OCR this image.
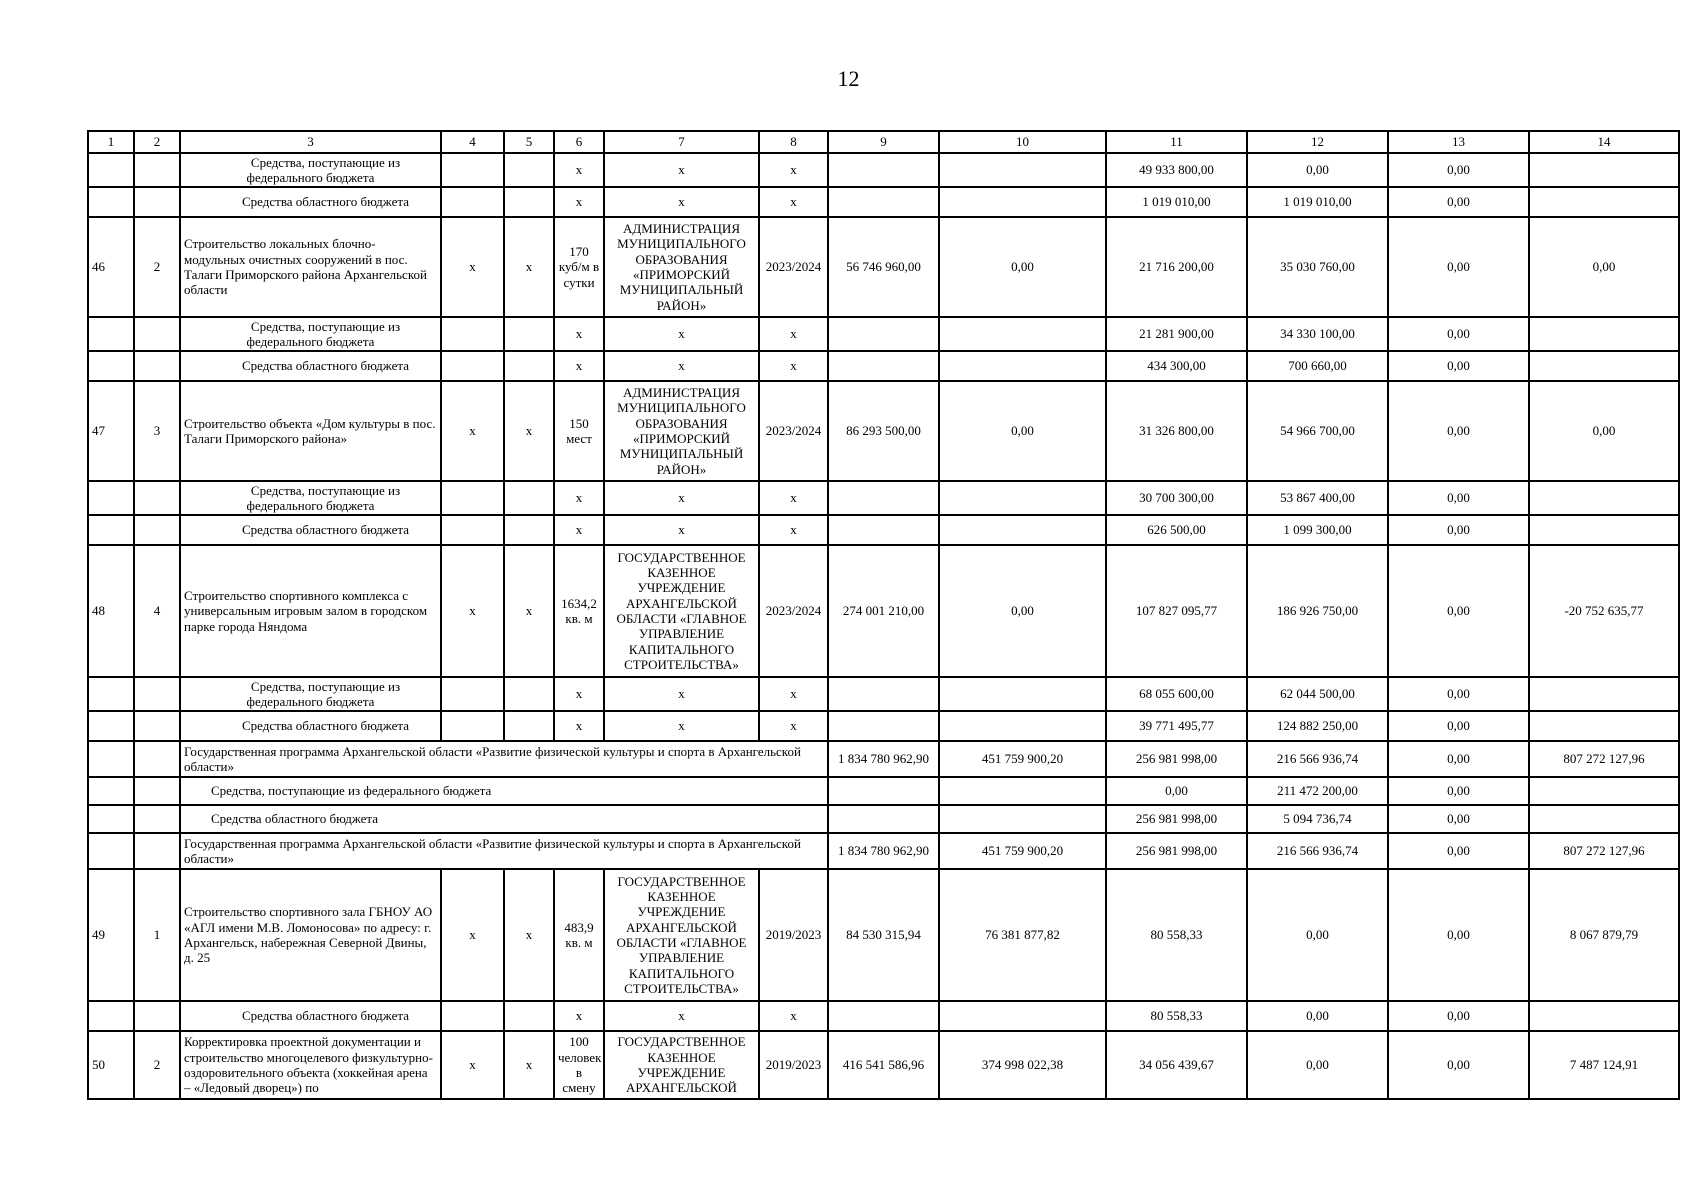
12
1	2	3	4	5	6	7	8	9	10	11	12	13	14
		Средства, поступающие из федерального бюджета			х	х	х			49 933 800,00	0,00	0,00	
		Средства областного бюджета			х	х	х			1 019 010,00	1 019 010,00	0,00	
46	2	Строительство локальных блочно-модульных очистных сооружений в пос. Талаги Приморского района Архангельской области	х	х	170 куб/м в сутки	АДМИНИСТРАЦИЯ МУНИЦИПАЛЬНОГО ОБРАЗОВАНИЯ «ПРИМОРСКИЙ МУНИЦИПАЛЬНЫЙ РАЙОН»	2023/2024	56 746 960,00	0,00	21 716 200,00	35 030 760,00	0,00	0,00
		Средства, поступающие из федерального бюджета			х	х	х			21 281 900,00	34 330 100,00	0,00	
		Средства областного бюджета			х	х	х			434 300,00	700 660,00	0,00	
47	3	Строительство объекта «Дом культуры в пос. Талаги Приморского района»	х	х	150 мест	АДМИНИСТРАЦИЯ МУНИЦИПАЛЬНОГО ОБРАЗОВАНИЯ «ПРИМОРСКИЙ МУНИЦИПАЛЬНЫЙ РАЙОН»	2023/2024	86 293 500,00	0,00	31 326 800,00	54 966 700,00	0,00	0,00
		Средства, поступающие из федерального бюджета			х	х	х			30 700 300,00	53 867 400,00	0,00	
		Средства областного бюджета			х	х	х			626 500,00	1 099 300,00	0,00	
48	4	Строительство спортивного комплекса с универсальным игровым залом в городском парке города Няндома	х	х	1634,2 кв. м	ГОСУДАРСТВЕННОЕ КАЗЕННОЕ УЧРЕЖДЕНИЕ АРХАНГЕЛЬСКОЙ ОБЛАСТИ «ГЛАВНОЕ УПРАВЛЕНИЕ КАПИТАЛЬНОГО СТРОИТЕЛЬСТВА»	2023/2024	274 001 210,00	0,00	107 827 095,77	186 926 750,00	0,00	-20 752 635,77
		Средства, поступающие из федерального бюджета			х	х	х			68 055 600,00	62 044 500,00	0,00	
		Средства областного бюджета			х	х	х			39 771 495,77	124 882 250,00	0,00	
		Государственная программа Архангельской области «Развитие физической культуры и спорта в Архангельской области»						1 834 780 962,90	451 759 900,20	256 981 998,00	216 566 936,74	0,00	807 272 127,96
		Средства, поступающие из федерального бюджета								0,00	211 472 200,00	0,00	
		Средства областного бюджета								256 981 998,00	5 094 736,74	0,00	
		Государственная программа Архангельской области «Развитие физической культуры и спорта в Архангельской области»						1 834 780 962,90	451 759 900,20	256 981 998,00	216 566 936,74	0,00	807 272 127,96
49	1	Строительство спортивного зала ГБНОУ АО «АГЛ имени М.В. Ломоносова» по адресу: г. Архангельск, набережная Северной Двины, д. 25	х	х	483,9 кв. м	ГОСУДАРСТВЕННОЕ КАЗЕННОЕ УЧРЕЖДЕНИЕ АРХАНГЕЛЬСКОЙ ОБЛАСТИ «ГЛАВНОЕ УПРАВЛЕНИЕ КАПИТАЛЬНОГО СТРОИТЕЛЬСТВА»	2019/2023	84 530 315,94	76 381 877,82	80 558,33	0,00	0,00	8 067 879,79
		Средства областного бюджета			х	х	х			80 558,33	0,00	0,00	
50	2	Корректировка проектной документации и строительство многоцелевого физкультурно-оздоровительного объекта (хоккейная арена – «Ледовый дворец») по	х	х	100 человек в смену	ГОСУДАРСТВЕННОЕ КАЗЕННОЕ УЧРЕЖДЕНИЕ АРХАНГЕЛЬСКОЙ	2019/2023	416 541 586,96	374 998 022,38	34 056 439,67	0,00	0,00	7 487 124,91
